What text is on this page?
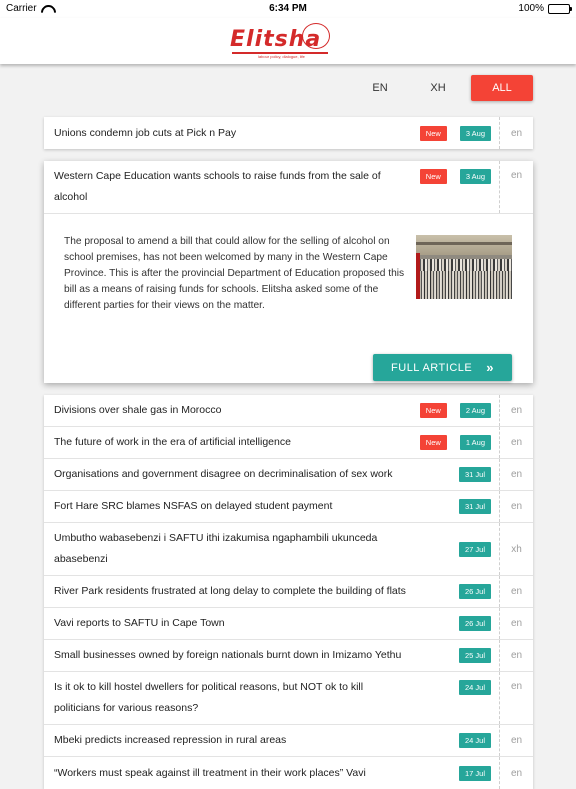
Carrier	6:34 PM	100%
Elitsha
labour policy, dialogue, life
EN	XH	ALL
Unions condemn job cuts at Pick n Pay	New	3 Aug	en
Western Cape Education wants schools to raise funds from the sale of alcohol
New	3 Aug	en

The proposal to amend a bill that could allow for the selling of alcohol on school premises, has not been welcomed by many in the Western Cape Province. This is after the provincial Department of Education proposed this bill as a means of raising funds for schools. Elitsha asked some of the different parties for their views on the matter.

FULL ARTICLE »
Divisions over shale gas in Morocco	New	2 Aug	en
The future of work in the era of artificial intelligence	New	1 Aug	en
Organisations and government disagree on decriminalisation of sex work	31 Jul	en
Fort Hare SRC blames NSFAS on delayed student payment	31 Jul	en
Umbutho wabasebenzi i SAFTU ithi izakumisa ngaphambili ukunceda abasebenzi
27 Jul	xh
River Park residents frustrated at long delay to complete the building of flats	26 Jul	en
Vavi reports to SAFTU in Cape Town	26 Jul	en
Small businesses owned by foreign nationals burnt down in Imizamo Yethu	25 Jul	en
Is it ok to kill hostel dwellers for political reasons, but NOT ok to kill politicians for various reasons?
24 Jul	en
Mbeki predicts increased repression in rural areas	24 Jul	en
“Workers must speak against ill treatment in their work places” Vavi	17 Jul	en
